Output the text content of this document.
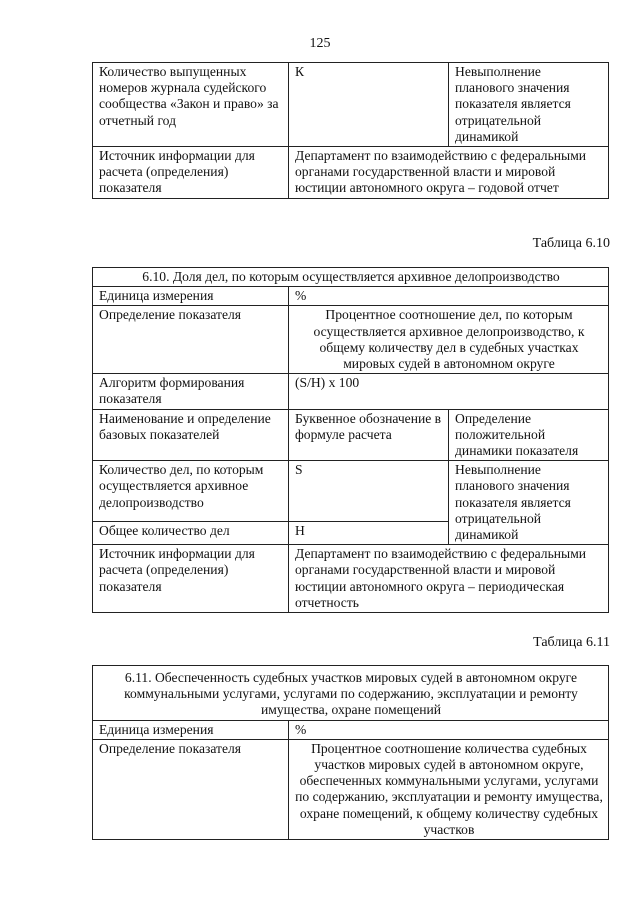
125
Количество выпущенных номеров журнала судейского сообщества «Закон и право» за отчетный год	К	Невыполнение планового значения показателя является отрицательной динамикой
Источник информации для расчета (определения) показателя	Департамент по взаимодействию с федеральными органами государственной власти и мировой юстиции автономного округа – годовой отчет	
Таблица 6.10
6.10. Доля дел, по которым осуществляется архивное делопроизводство		
Единица измерения	%	
Определение показателя	Процентное соотношение дел, по которым осуществляется архивное делопроизводство, к общему количеству дел в судебных участках мировых судей в автономном округе	
Алгоритм формирования показателя	(S/H) x 100	
Наименование и определение базовых показателей	Буквенное обозначение в формуле расчета	Определение положительной динамики показателя
Количество дел, по которым осуществляется архивное делопроизводство	S	Невыполнение планового значения показателя является отрицательной динамикой
Общее количество дел	Н	
Источник информации для расчета (определения) показателя	Департамент по взаимодействию с федеральными органами государственной власти и мировой юстиции автономного округа – периодическая отчетность	
Таблица 6.11
6.11. Обеспеченность судебных участков мировых судей в автономном округе коммунальными услугами, услугами по содержанию, эксплуатации и ремонту имущества, охране помещений	
Единица измерения	%
Определение показателя	Процентное соотношение количества судебных участков мировых судей в автономном округе, обеспеченных коммунальными услугами, услугами по содержанию, эксплуатации и ремонту имущества, охране помещений, к общему количеству судебных участков
